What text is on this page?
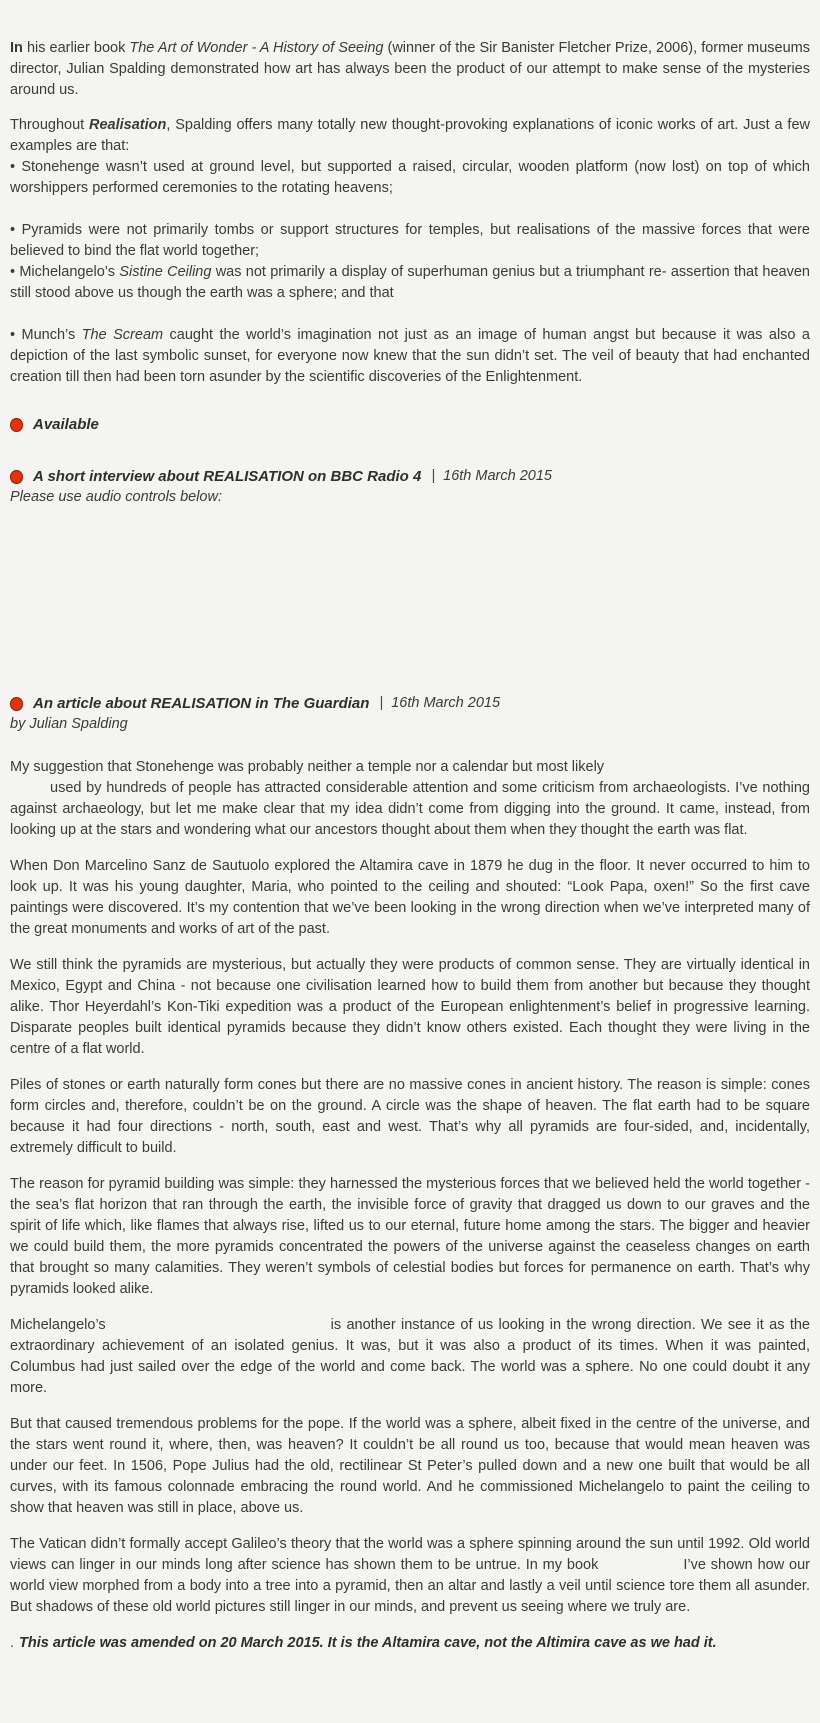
In his earlier book The Art of Wonder - A History of Seeing (winner of the Sir Banister Fletcher Prize, 2006), former museums director, Julian Spalding demonstrated how art has always been the product of our attempt to make sense of the mysteries around us.

Throughout Realisation, Spalding offers many totally new thought-provoking explanations of iconic works of art. Just a few examples are that:

• Stonehenge wasn’t used at ground level, but supported a raised, circular, wooden platform (now lost) on top of which worshippers performed ceremonies to the rotating heavens;

• Pyramids were not primarily tombs or support structures for temples, but realisations of the massive forces that were believed to bind the flat world together;

• Michelangelo’s Sistine Ceiling was not primarily a display of superhuman genius but a triumphant re- assertion that heaven still stood above us though the earth was a sphere; and that

• Munch’s The Scream caught the world’s imagination not just as an image of human angst but because it was also a depiction of the last symbolic sunset, for everyone now knew that the sun didn’t set. The veil of beauty that had enchanted creation till then had been torn asunder by the scientific discoveries of the Enlightenment.

Available
A short interview about REALISATION on BBC Radio 4 | 16th March 2015

Please use audio controls below:

An article about REALISATION in The Guardian | 16th March 2015

by Julian Spalding

My suggestion that Stonehenge was probably neither a temple nor a calendar but most likely

used by hundreds of people has attracted considerable attention and some criticism from archaeologists. I’ve nothing against archaeology, but let me make clear that my idea didn’t come from digging into the ground. It came, instead, from looking up at the stars and wondering what our ancestors thought about them when they thought the earth was flat.

When Don Marcelino Sanz de Sautuolo explored the Altamira cave in 1879 he dug in the floor. It never occurred to him to look up. It was his young daughter, Maria, who pointed to the ceiling and shouted: “Look Papa, oxen!” So the first cave paintings were discovered. It’s my contention that we’ve been looking in the wrong direction when we’ve interpreted many of the great monuments and works of art of the past.

We still think the pyramids are mysterious, but actually they were products of common sense. They are virtually identical in Mexico, Egypt and China - not because one civilisation learned how to build them from another but because they thought alike. Thor Heyerdahl’s Kon-Tiki expedition was a product of the European enlightenment’s belief in progressive learning. Disparate peoples built identical pyramids because they didn’t know others existed. Each thought they were living in the centre of a flat world.

Piles of stones or earth naturally form cones but there are no massive cones in ancient history. The reason is simple: cones form circles and, therefore, couldn’t be on the ground. A circle was the shape of heaven. The flat earth had to be square because it had four directions - north, south, east and west. That’s why all pyramids are four-sided, and, incidentally, extremely difficult to build.

The reason for pyramid building was simple: they harnessed the mysterious forces that we believed held the world together - the sea’s flat horizon that ran through the earth, the invisible force of gravity that dragged us down to our graves and the spirit of life which, like flames that always rise, lifted us to our eternal, future home among the stars. The bigger and heavier we could build them, the more pyramids concentrated the powers of the universe against the ceaseless changes on earth that brought so many calamities. They weren’t symbols of celestial bodies but forces for permanence on earth. That’s why pyramids looked alike.

Michelangelo’s	is another instance of us looking in the wrong direction. We see it as the extraordinary achievement of an isolated genius. It was, but it was also a product of its times. When it was painted, Columbus had just sailed over the edge of the world and come back. The world was a sphere. No one could doubt it any more.

But that caused tremendous problems for the pope. If the world was a sphere, albeit fixed in the centre of the universe, and the stars went round it, where, then, was heaven? It couldn’t be all round us too, because that would mean heaven was under our feet. In 1506, Pope Julius had the old, rectilinear St Peter’s pulled down and a new one built that would be all curves, with its famous colonnade embracing the round world. And he commissioned Michelangelo to paint the ceiling to show that heaven was still in place, above us.

The Vatican didn’t formally accept Galileo’s theory that the world was a sphere spinning around the sun until 1992. Old world views can linger in our minds long after science has shown them to be untrue. In my book	I’ve shown how our world view morphed from a body into a tree into a pyramid, then an altar and lastly a veil until science tore them all asunder. But shadows of these old world pictures still linger in our minds, and prevent us seeing where we truly are.

. This article was amended on 20 March 2015. It is the Altamira cave, not the Altimira cave as we had it.
